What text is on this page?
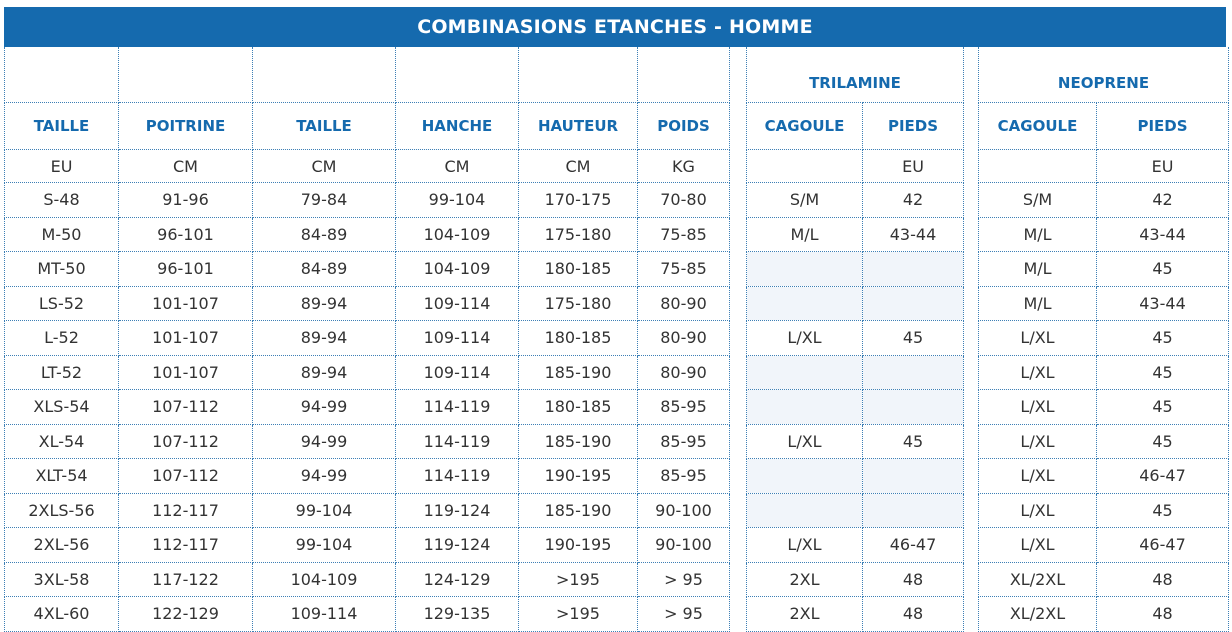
COMBINASIONS ETANCHES - HOMME
							TRILAMINE			NEOPRENE	
TAILLE	POITRINE	TAILLE	HANCHE	HAUTEUR	POIDS		CAGOULE	PIEDS		CAGOULE	PIEDS
EU	CM	CM	CM	CM	KG			EU			EU
S-48	91-96	79-84	99-104	170-175	70-80		S/M	42		S/M	42
M-50	96-101	84-89	104-109	175-180	75-85		M/L	43-44		M/L	43-44
MT-50	96-101	84-89	104-109	180-185	75-85					M/L	45
LS-52	101-107	89-94	109-114	175-180	80-90					M/L	43-44
L-52	101-107	89-94	109-114	180-185	80-90		L/XL	45		L/XL	45
LT-52	101-107	89-94	109-114	185-190	80-90					L/XL	45
XLS-54	107-112	94-99	114-119	180-185	85-95					L/XL	45
XL-54	107-112	94-99	114-119	185-190	85-95		L/XL	45		L/XL	45
XLT-54	107-112	94-99	114-119	190-195	85-95					L/XL	46-47
2XLS-56	112-117	99-104	119-124	185-190	90-100					L/XL	45
2XL-56	112-117	99-104	119-124	190-195	90-100		L/XL	46-47		L/XL	46-47
3XL-58	117-122	104-109	124-129	>195	> 95		2XL	48		XL/2XL	48
4XL-60	122-129	109-114	129-135	>195	> 95		2XL	48		XL/2XL	48
